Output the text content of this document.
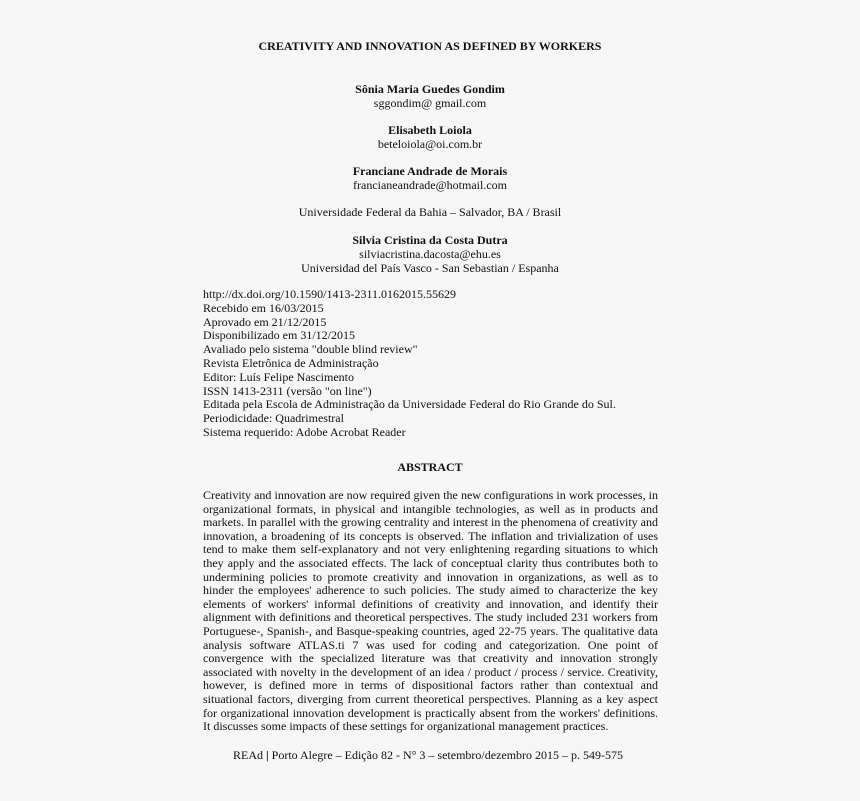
CREATIVITY AND INNOVATION AS DEFINED BY WORKERS
Sônia Maria Guedes Gondim
sggondim@ gmail.com
Elisabeth Loiola
beteloiola@oi.com.br
Franciane Andrade de Morais
francianeandrade@hotmail.com
Universidade Federal da Bahia – Salvador, BA / Brasil
Silvia Cristina da Costa Dutra
silviacristina.dacosta@ehu.es
Universidad del País Vasco - San Sebastian / Espanha
http://dx.doi.org/10.1590/1413-2311.0162015.55629
Recebido em 16/03/2015
Aprovado em 21/12/2015
Disponibilizado em 31/12/2015
Avaliado pelo sistema "double blind review"
Revista Eletrônica de Administração
Editor: Luís Felipe Nascimento
ISSN 1413-2311 (versão "on line")
Editada pela Escola de Administração da Universidade Federal do Rio Grande do Sul.
Periodicidade: Quadrimestral
Sistema requerido: Adobe Acrobat Reader
ABSTRACT
Creativity and innovation are now required given the new configurations in work processes, in organizational formats, in physical and intangible technologies, as well as in products and markets. In parallel with the growing centrality and interest in the phenomena of creativity and innovation, a broadening of its concepts is observed. The inflation and trivialization of uses tend to make them self-explanatory and not very enlightening regarding situations to which they apply and the associated effects. The lack of conceptual clarity thus contributes both to undermining policies to promote creativity and innovation in organizations, as well as to hinder the employees' adherence to such policies. The study aimed to characterize the key elements of workers' informal definitions of creativity and innovation, and identify their alignment with definitions and theoretical perspectives. The study included 231 workers from Portuguese-, Spanish-, and Basque-speaking countries, aged 22-75 years. The qualitative data analysis software ATLAS.ti 7 was used for coding and categorization. One point of convergence with the specialized literature was that creativity and innovation strongly associated with novelty in the development of an idea / product / process / service. Creativity, however, is defined more in terms of dispositional factors rather than contextual and situational factors, diverging from current theoretical perspectives. Planning as a key aspect for organizational innovation development is practically absent from the workers' definitions. It discusses some impacts of these settings for organizational management practices.
REAd | Porto Alegre – Edição 82 - N° 3 – setembro/dezembro 2015 – p. 549-575
